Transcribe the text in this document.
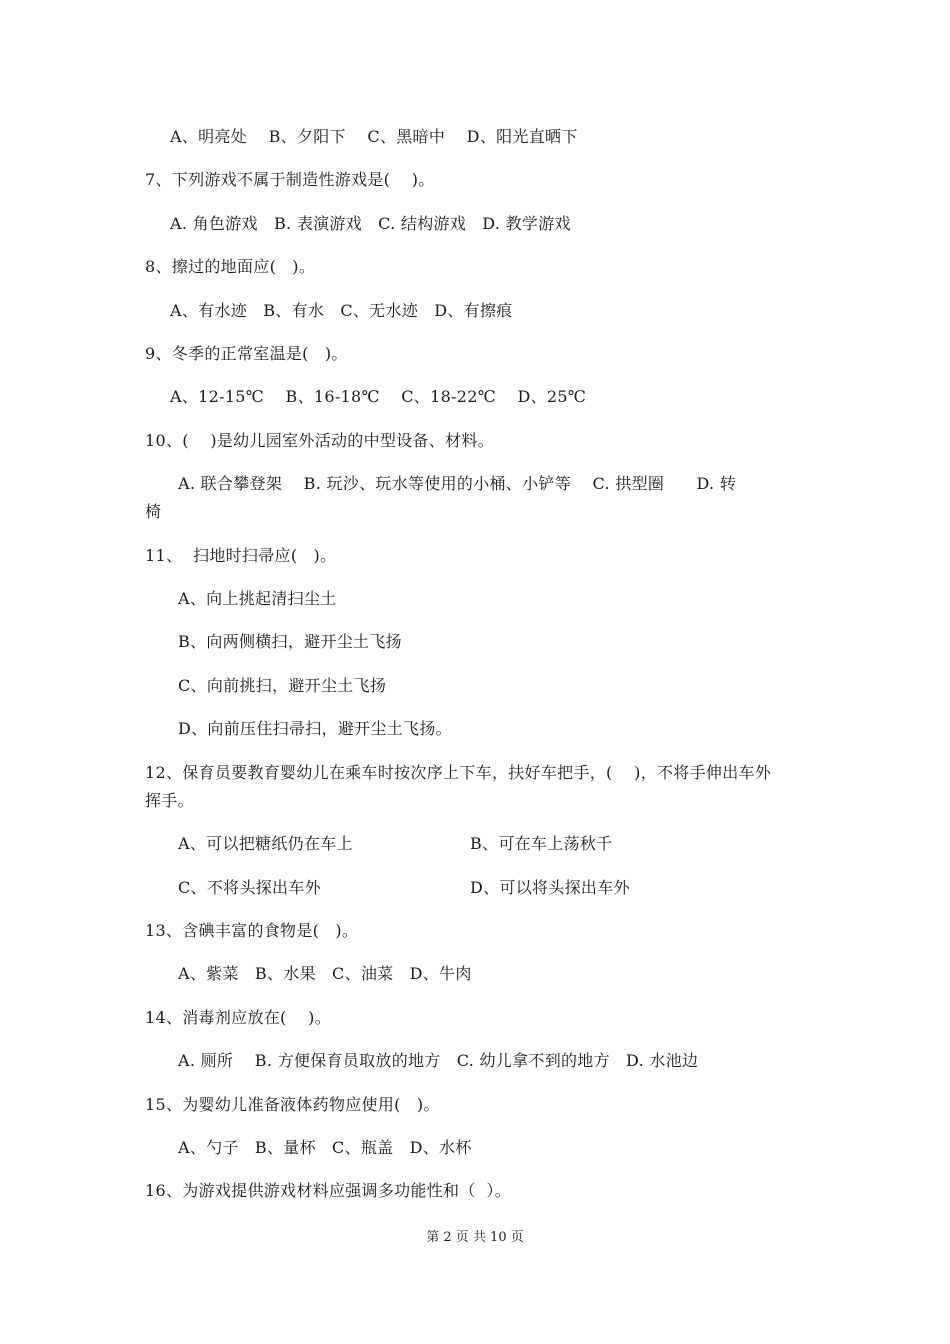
A、明亮处    B、夕阳下    C、黑暗中    D、阳光直晒下
7、下列游戏不属于制造性游戏是(    )。
A. 角色游戏   B. 表演游戏   C. 结构游戏   D. 教学游戏
8、擦过的地面应(   )。
A、有水迹   B、有水   C、无水迹   D、有擦痕
9、冬季的正常室温是(   )。
A、12-15℃    B、16-18℃    C、18-22℃    D、25℃
10、(    )是幼儿园室外活动的中型设备、材料。
A. 联合攀登架    B. 玩沙、玩水等使用的小桶、小铲等    C. 拱型圈      D. 转
椅
11、  扫地时扫帚应(   )。
A、向上挑起清扫尘土
B、向两侧横扫，避开尘土飞扬
C、向前挑扫，避开尘土飞扬
D、向前压住扫帚扫，避开尘土飞扬。
12、保育员要教育婴幼儿在乘车时按次序上下车，扶好车把手，(    )，不将手伸出车外
挥手。
A、可以把糖纸仍在车上	B、可在车上荡秋千
C、不将头探出车外	D、可以将头探出车外
13、含碘丰富的食物是(   )。
A、紫菜   B、水果   C、油菜   D、牛肉
14、消毒剂应放在(    )。
A. 厕所    B. 方便保育员取放的地方   C. 幼儿拿不到的地方   D. 水池边
15、为婴幼儿准备液体药物应使用(   )。
A、勺子   B、量杯   C、瓶盖   D、水杯
16、为游戏提供游戏材料应强调多功能性和（  ）。
第 2 页 共 10 页
